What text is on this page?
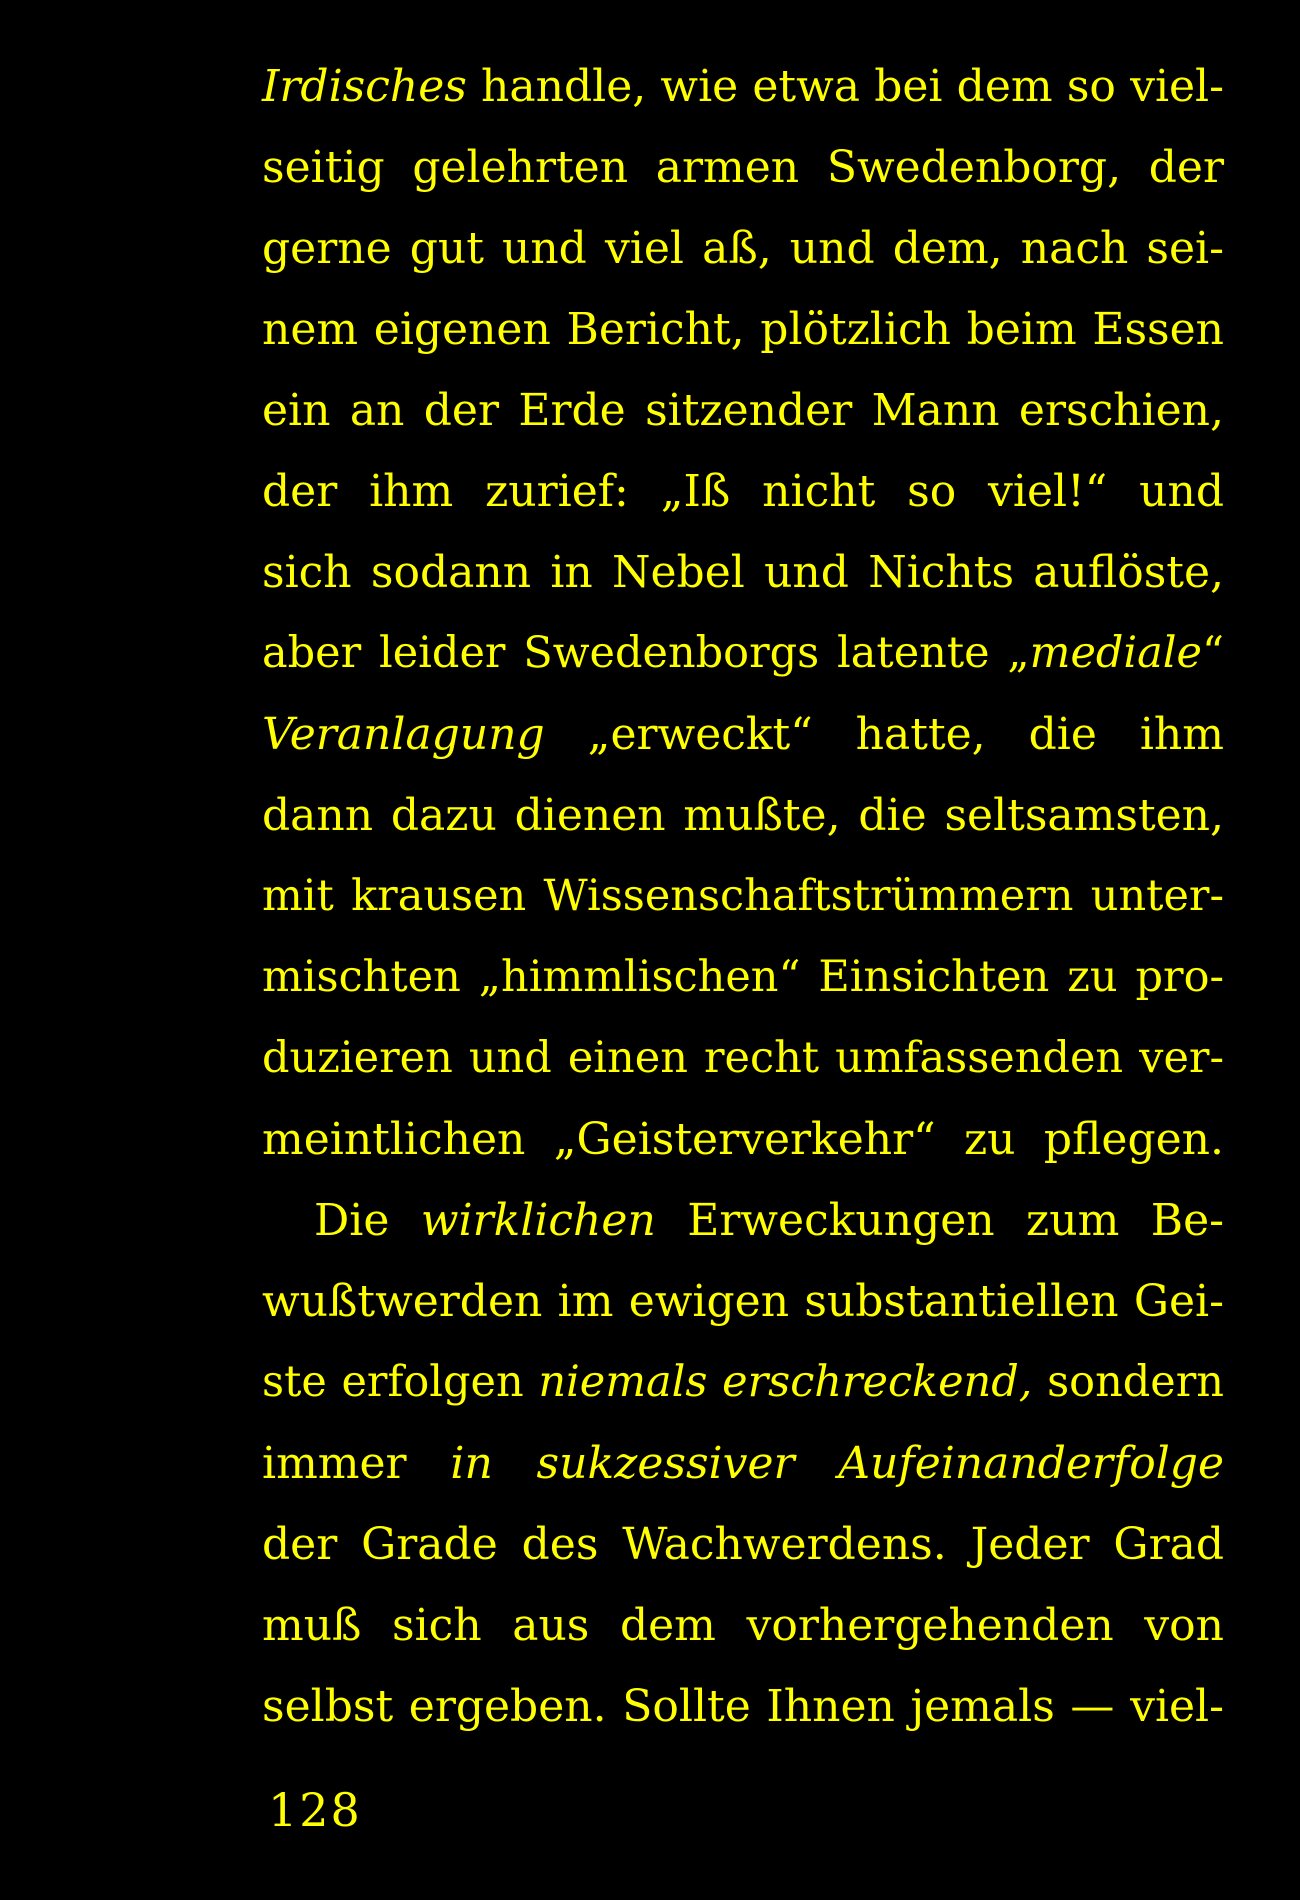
Irdisches handle, wie etwa bei dem so viel-
seitig gelehrten armen Swedenborg, der
gerne gut und viel aß, und dem, nach sei-
nem eigenen Bericht, plötzlich beim Essen
ein an der Erde sitzender Mann erschien,
der ihm zurief: „Iß nicht so viel!“ und
sich sodann in Nebel und Nichts auflöste,
aber leider Swedenborgs latente „mediale“
Veranlagung „erweckt“ hatte, die ihm
dann dazu dienen mußte, die seltsamsten,
mit krausen Wissenschaftstrümmern unter-
mischten „himmlischen“ Einsichten zu pro-
duzieren und einen recht umfassenden ver-
meintlichen „Geisterverkehr“ zu pflegen.
Die wirklichen Erweckungen zum Be-
wußtwerden im ewigen substantiellen Gei-
ste erfolgen niemals erschreckend, sondern
immer in sukzessiver Aufeinanderfolge
der Grade des Wachwerdens. Jeder Grad
muß sich aus dem vorhergehenden von
selbst ergeben. Sollte Ihnen jemals — viel-
128
